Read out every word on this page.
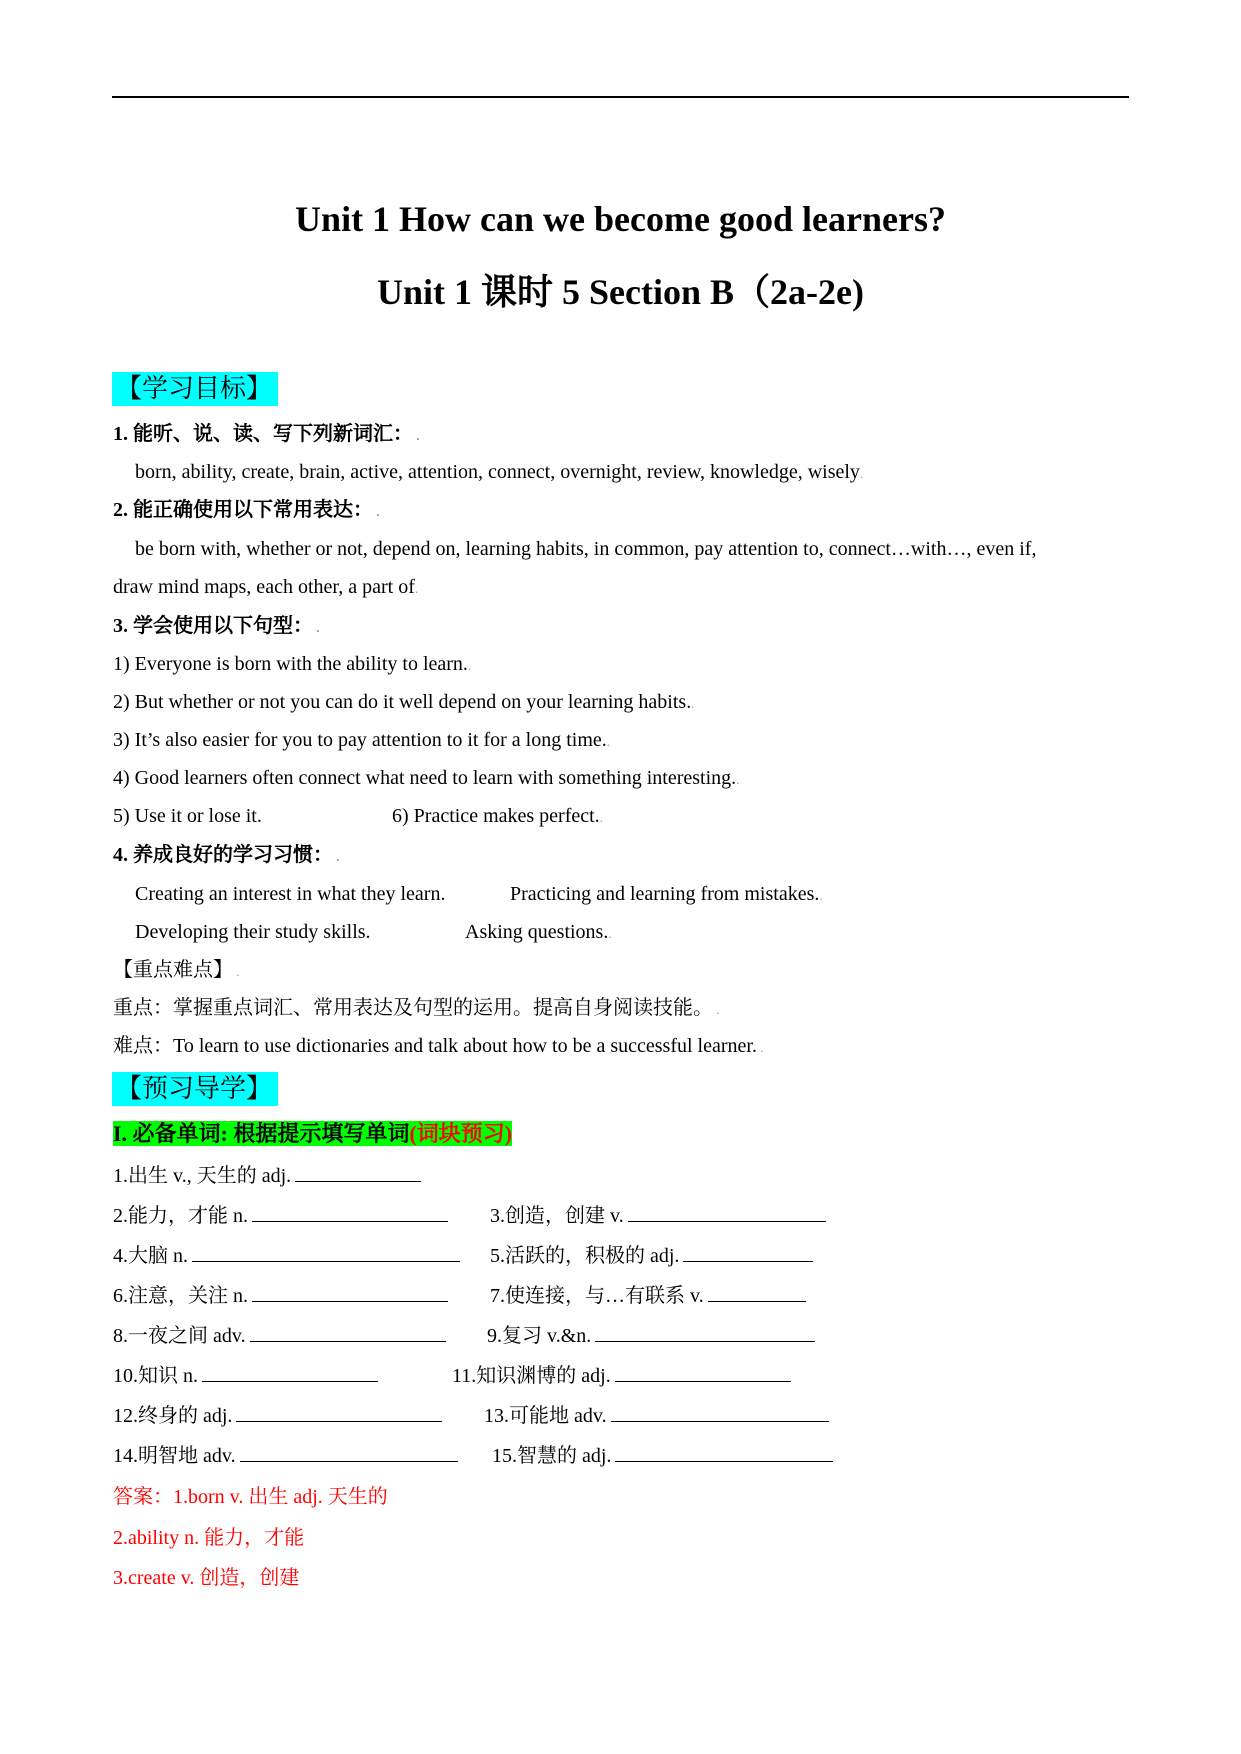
Unit 1 How can we become good learners?
Unit 1 课时 5 Section B（2a-2e)
【学习目标】
1. 能听、说、读、写下列新词汇： .
born, ability, create, brain, active, attention, connect, overnight, review, knowledge, wisely.
2. 能正确使用以下常用表达： .
be born with, whether or not, depend on, learning habits, in common, pay attention to, connect…with…, even if,
draw mind maps, each other, a part of.
3. 学会使用以下句型： .
1) Everyone is born with the ability to learn..
2) But whether or not you can do it well depend on your learning habits..
3) It’s also easier for you to pay attention to it for a long time..
4) Good learners often connect what need to learn with something interesting..
5) Use it or lose it.	6) Practice makes perfect..
4. 养成良好的学习习惯： .
Creating an interest in what they learn.	Practicing and learning from mistakes..
Developing their study skills.	Asking questions..
【重点难点】 .
重点：掌握重点词汇、常用表达及句型的运用。提高自身阅读技能。 .
难点：To learn to use dictionaries and talk about how to be a successful learner. .
【预习导学】
I. 必备单词: 根据提示填写单词(词块预习)
1.出生 v., 天生的 adj.
2.能力，才能 n.	3.创造，创建 v.
4.大脑 n.	5.活跃的，积极的 adj.
6.注意，关注 n.	7.使连接，与…有联系 v.
8.一夜之间 adv.	9.复习 v.&n.
10.知识 n.	11.知识渊博的 adj.
12.终身的 adj.	13.可能地 adv.
14.明智地 adv.	15.智慧的 adj.
答案：1.born v. 出生 adj. 天生的
2.ability n. 能力，才能
3.create v. 创造，创建
